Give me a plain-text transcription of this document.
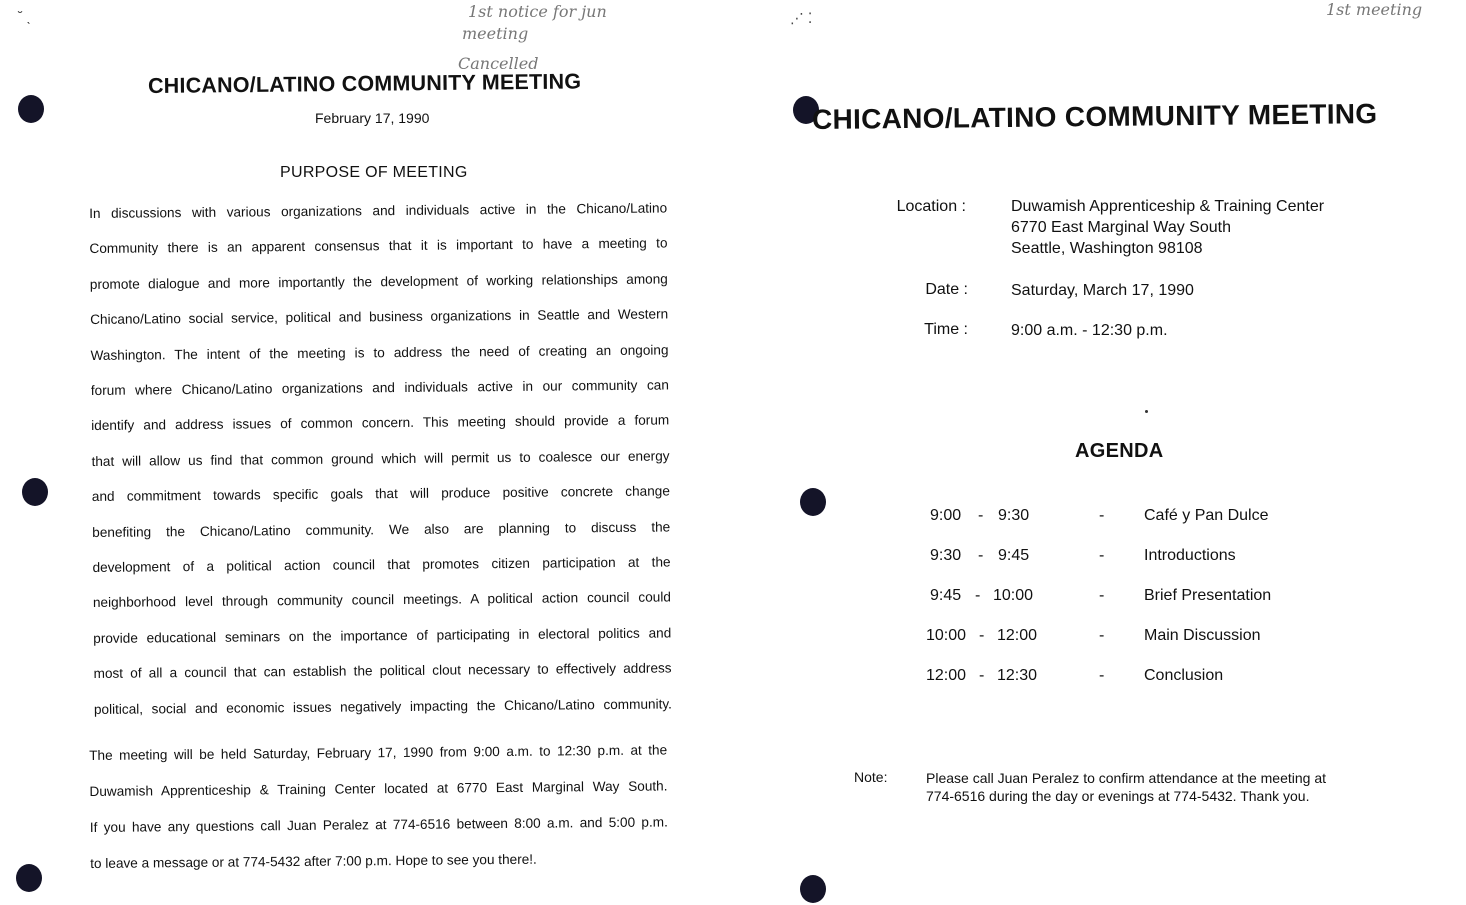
˘ ˎ	1st notice for jun
meeting
Cancelled
CHICANO/LATINO COMMUNITY MEETING
February 17, 1990
PURPOSE OF MEETING
In discussions with various organizations and individuals active in the Chicano/Latino
Community there is an apparent consensus that it is important to have a meeting to
promote dialogue and more importantly the development of working relationships among
Chicano/Latino social service, political and business organizations in Seattle and Western
Washington. The intent of the meeting is to address the need of creating an ongoing
forum where Chicano/Latino organizations and individuals active in our community can
identify and address issues of common concern. This meeting should provide a forum
that will allow us find that common ground which will permit us to coalesce our energy
and commitment towards specific goals that will produce positive concrete change
benefiting the Chicano/Latino community. We also are planning to discuss the
development of a political action council that promotes citizen participation at the
neighborhood level through community council meetings. A political action council could
provide educational seminars on the importance of participating in electoral politics and
most of all a council that can establish the political clout necessary to effectively address
political, social and economic issues negatively impacting the Chicano/Latino community.
The meeting will be held Saturday, February 17, 1990 from 9:00 a.m. to 12:30 p.m. at the
Duwamish Apprenticeship & Training Center located at 6770 East Marginal Way South.
If you have any questions call Juan Peralez at 774-6516 between 8:00 a.m. and 5:00 p.m.
to leave a message or at 774-5432 after 7:00 p.m. Hope to see you there!.
⋰ ⁚	1st meeting
CHICANO/LATINO COMMUNITY MEETING
Location :	Duwamish Apprenticeship & Training Center
6770 East Marginal Way South
Seattle, Washington 98108
Date :	Saturday, March 17, 1990
Time :	9:00 a.m. - 12:30 p.m.
AGENDA
9:00 - 9:30	- Café y Pan Dulce
9:30 - 9:45	- Introductions
9:45 - 10:00	- Brief Presentation
10:00 - 12:00	- Main Discussion
12:00 - 12:30	- Conclusion
Note:	Please call Juan Peralez to confirm attendance at the meeting at
774-6516 during the day or evenings at 774-5432. Thank you.
